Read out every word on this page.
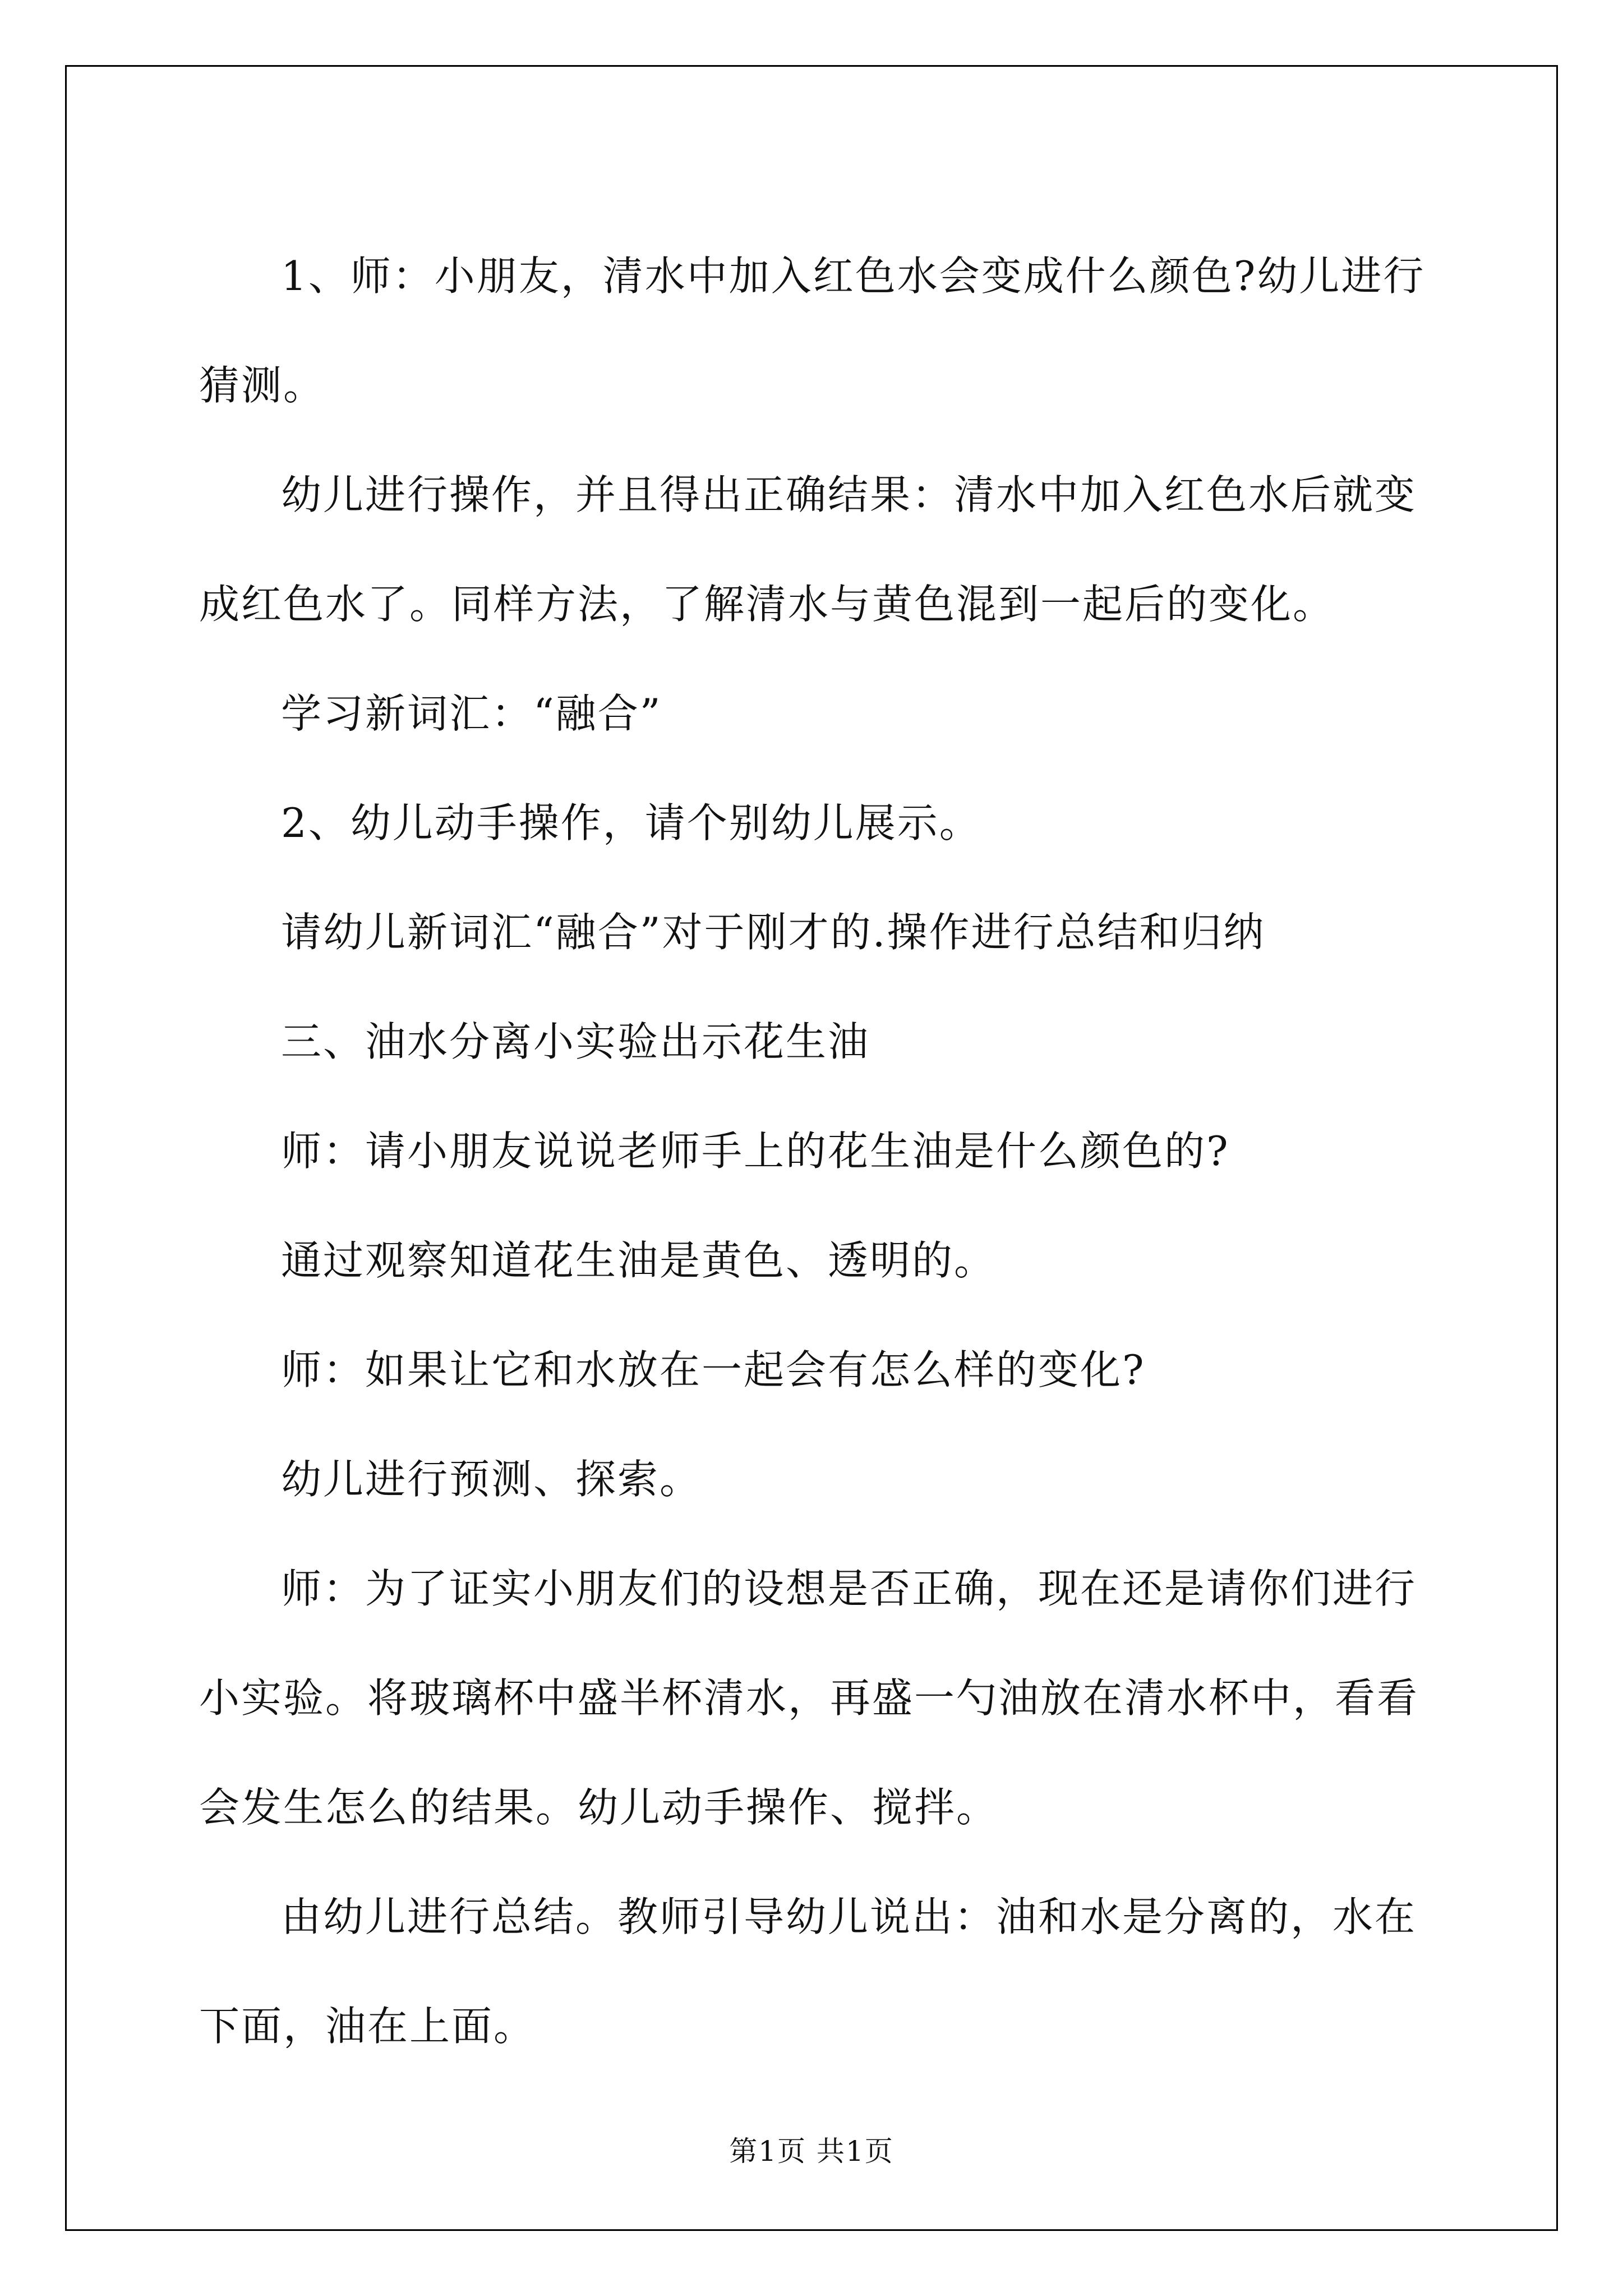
1、师：小朋友，清水中加入红色水会变成什么颜色?幼儿进行猜测。

幼儿进行操作，并且得出正确结果：清水中加入红色水后就变成红色水了。同样方法，了解清水与黄色混到一起后的变化。

学习新词汇：“融合”

2、幼儿动手操作，请个别幼儿展示。

请幼儿新词汇“融合”对于刚才的.操作进行总结和归纳

三、油水分离小实验出示花生油

师：请小朋友说说老师手上的花生油是什么颜色的?

通过观察知道花生油是黄色、透明的。

师：如果让它和水放在一起会有怎么样的变化?

幼儿进行预测、探索。

师：为了证实小朋友们的设想是否正确，现在还是请你们进行小实验。将玻璃杯中盛半杯清水，再盛一勺油放在清水杯中，看看会发生怎么的结果。幼儿动手操作、搅拌。

由幼儿进行总结。教师引导幼儿说出：油和水是分离的，水在下面，油在上面。

第1页 共1页
